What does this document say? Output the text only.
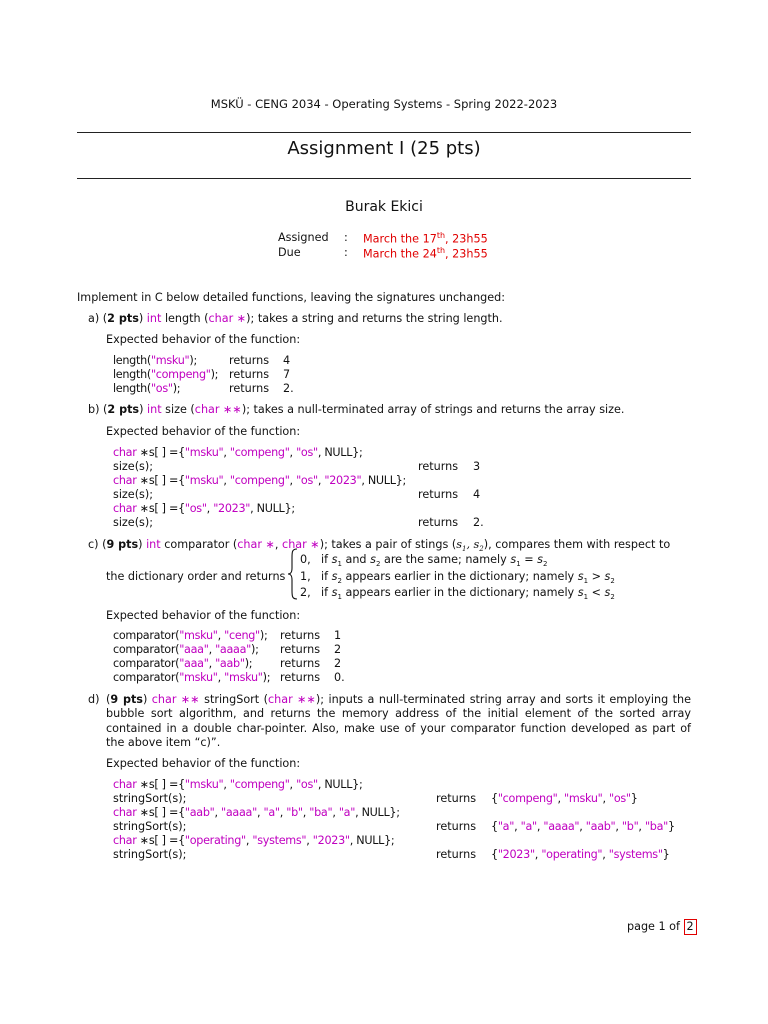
MSKÜ - CENG 2034 - Operating Systems - Spring 2022-2023
Assignment I (25 pts)
Burak Ekici
Assigned : March the 17th, 23h55
Due	: March the 24th, 23h55
Implement in C below detailed functions, leaving the signatures unchanged:
a) (2 pts) int length (char ∗); takes a string and returns the string length.
Expected behavior of the function:
length("msku");	returns 4
length("compeng"); returns 7
length("os");	returns 2.
b) (2 pts) int size (char ∗∗); takes a null-terminated array of strings and returns the array size.
Expected behavior of the function:
char ∗s[ ] ={"msku", "compeng", "os", NULL};
size(s);	returns 3
char ∗s[ ] ={"msku", "compeng", "os", "2023", NULL};
size(s);	returns 4
char ∗s[ ] ={"os", "2023", NULL};
size(s);	returns 2.
c) (9 pts) int comparator (char ∗, char ∗); takes a pair of stings ($s_1$, $s_2$), compares them with respect to
the dictionary order and returns
0, if $s_1$ and $s_2$ are the same; namely $s_1 = s_2$
1, if $s_2$ appears earlier in the dictionary; namely $s_1 > s_2$
2, if $s_1$ appears earlier in the dictionary; namely $s_1 < s_2$
Expected behavior of the function:
comparator("msku", "ceng"); returns 1
comparator("aaa", "aaaa"); returns 2
comparator("aaa", "aab"); returns 2
comparator("msku", "msku"); returns 0.
d) (9 pts) char ∗∗ stringSort (char ∗∗); inputs a null-terminated string array and sorts it employing the bubble sort algorithm, and returns the memory address of the initial element of the sorted array contained in a double char-pointer. Also, make use of your comparator function developed as part of the above item “c)”.
Expected behavior of the function:
char ∗s[ ] ={"msku", "compeng", "os", NULL};
stringSort(s);	returns {"compeng", "msku", "os"}
char ∗s[ ] ={"aab", "aaaa", "a", "b", "ba", "a", NULL};
stringSort(s);	returns {"a", "a", "aaaa", "aab", "b", "ba"}
char ∗s[ ] ={"operating", "systems", "2023", NULL};
stringSort(s);	returns {"2023", "operating", "systems"}
page 1 of 2
